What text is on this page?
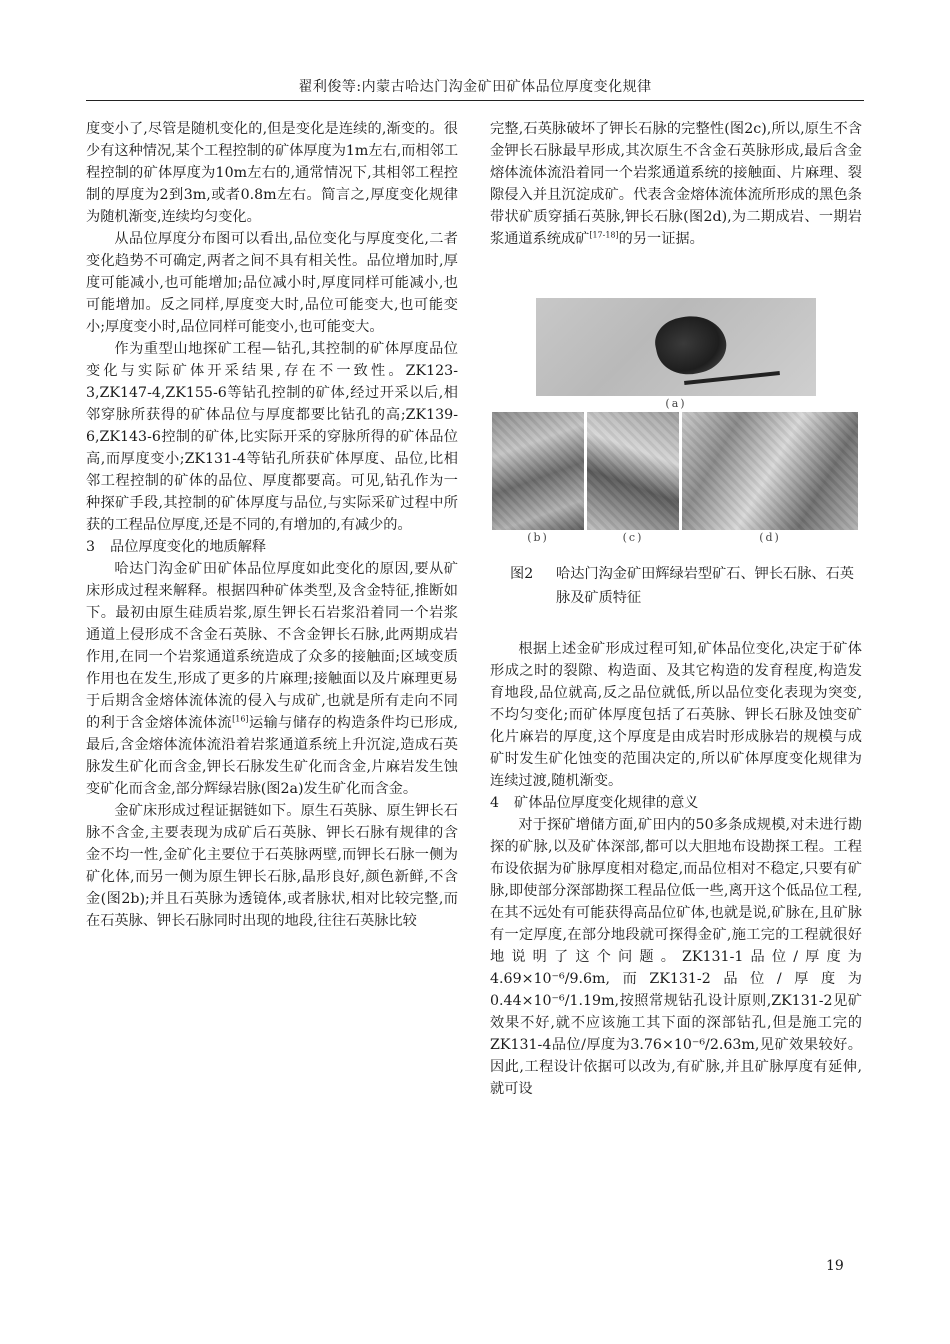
翟利俊等:内蒙古哈达门沟金矿田矿体品位厚度变化规律

度变小了,尽管是随机变化的,但是变化是连续的,渐变的。很少有这种情况,某个工程控制的矿体厚度为1m左右,而相邻工程控制的矿体厚度为10m左右的,通常情况下,其相邻工程控制的厚度为2到3m,或者0.8m左右。简言之,厚度变化规律为随机渐变,连续均匀变化。

从品位厚度分布图可以看出,品位变化与厚度变化,二者变化趋势不可确定,两者之间不具有相关性。品位增加时,厚度可能减小,也可能增加;品位减小时,厚度同样可能减小,也可能增加。反之同样,厚度变大时,品位可能变大,也可能变小;厚度变小时,品位同样可能变小,也可能变大。

作为重型山地探矿工程—钻孔,其控制的矿体厚度品位变化与实际矿体开采结果,存在不一致性。ZK123-3,ZK147-4,ZK155-6等钻孔控制的矿体,经过开采以后,相邻穿脉所获得的矿体品位与厚度都要比钻孔的高;ZK139-6,ZK143-6控制的矿体,比实际开采的穿脉所得的矿体品位高,而厚度变小;ZK131-4等钻孔所获矿体厚度、品位,比相邻工程控制的矿体的品位、厚度都要高。可见,钻孔作为一种探矿手段,其控制的矿体厚度与品位,与实际采矿过程中所获的工程品位厚度,还是不同的,有增加的,有减少的。

3 品位厚度变化的地质解释

哈达门沟金矿田矿体品位厚度如此变化的原因,要从矿床形成过程来解释。根据四种矿体类型,及含金特征,推断如下。最初由原生硅质岩浆,原生钾长石岩浆沿着同一个岩浆通道上侵形成不含金石英脉、不含金钾长石脉,此两期成岩作用,在同一个岩浆通道系统造成了众多的接触面;区域变质作用也在发生,形成了更多的片麻理;接触面以及片麻理更易于后期含金熔体流体流的侵入与成矿,也就是所有走向不同的利于含金熔体流体流[16]运输与储存的构造条件均已形成,最后,含金熔体流体流沿着岩浆通道系统上升沉淀,造成石英脉发生矿化而含金,钾长石脉发生矿化而含金,片麻岩发生蚀变矿化而含金,部分辉绿岩脉(图2a)发生矿化而含金。

金矿床形成过程证据链如下。原生石英脉、原生钾长石脉不含金,主要表现为成矿后石英脉、钾长石脉有规律的含金不均一性,金矿化主要位于石英脉两壁,而钾长石脉一侧为矿化体,而另一侧为原生钾长石脉,晶形良好,颜色新鲜,不含金(图2b);并且石英脉为透镜体,或者脉状,相对比较完整,而在石英脉、钾长石脉同时出现的地段,往往石英脉比较

完整,石英脉破坏了钾长石脉的完整性(图2c),所以,原生不含金钾长石脉最早形成,其次原生不含金石英脉形成,最后含金熔体流体流沿着同一个岩浆通道系统的接触面、片麻理、裂隙侵入并且沉淀成矿。代表含金熔体流体流所形成的黑色条带状矿质穿插石英脉,钾长石脉(图2d),为二期成岩、一期岩浆通道系统成矿[17-18]的另一证据。

(a)
(b)	(c)	(d)
图2 哈达门沟金矿田辉绿岩型矿石、钾长石脉、石英脉及矿质特征

根据上述金矿形成过程可知,矿体品位变化,决定于矿体形成之时的裂隙、构造面、及其它构造的发育程度,构造发育地段,品位就高,反之品位就低,所以品位变化表现为突变,不均匀变化;而矿体厚度包括了石英脉、钾长石脉及蚀变矿化片麻岩的厚度,这个厚度是由成岩时形成脉岩的规模与成矿时发生矿化蚀变的范围决定的,所以矿体厚度变化规律为连续过渡,随机渐变。

4 矿体品位厚度变化规律的意义

对于探矿增储方面,矿田内的50多条成规模,对未进行勘探的矿脉,以及矿体深部,都可以大胆地布设勘探工程。工程布设依据为矿脉厚度相对稳定,而品位相对不稳定,只要有矿脉,即使部分深部勘探工程品位低一些,离开这个低品位工程,在其不远处有可能获得高品位矿体,也就是说,矿脉在,且矿脉有一定厚度,在部分地段就可探得金矿,施工完的工程就很好地说明了这个问题。ZK131-1品位/厚度为4.69×10⁻⁶/9.6m,而ZK131-2品位/厚度为0.44×10⁻⁶/1.19m,按照常规钻孔设计原则,ZK131-2见矿效果不好,就不应该施工其下面的深部钻孔,但是施工完的ZK131-4品位/厚度为3.76×10⁻⁶/2.63m,见矿效果较好。因此,工程设计依据可以改为,有矿脉,并且矿脉厚度有延伸,就可设

19
